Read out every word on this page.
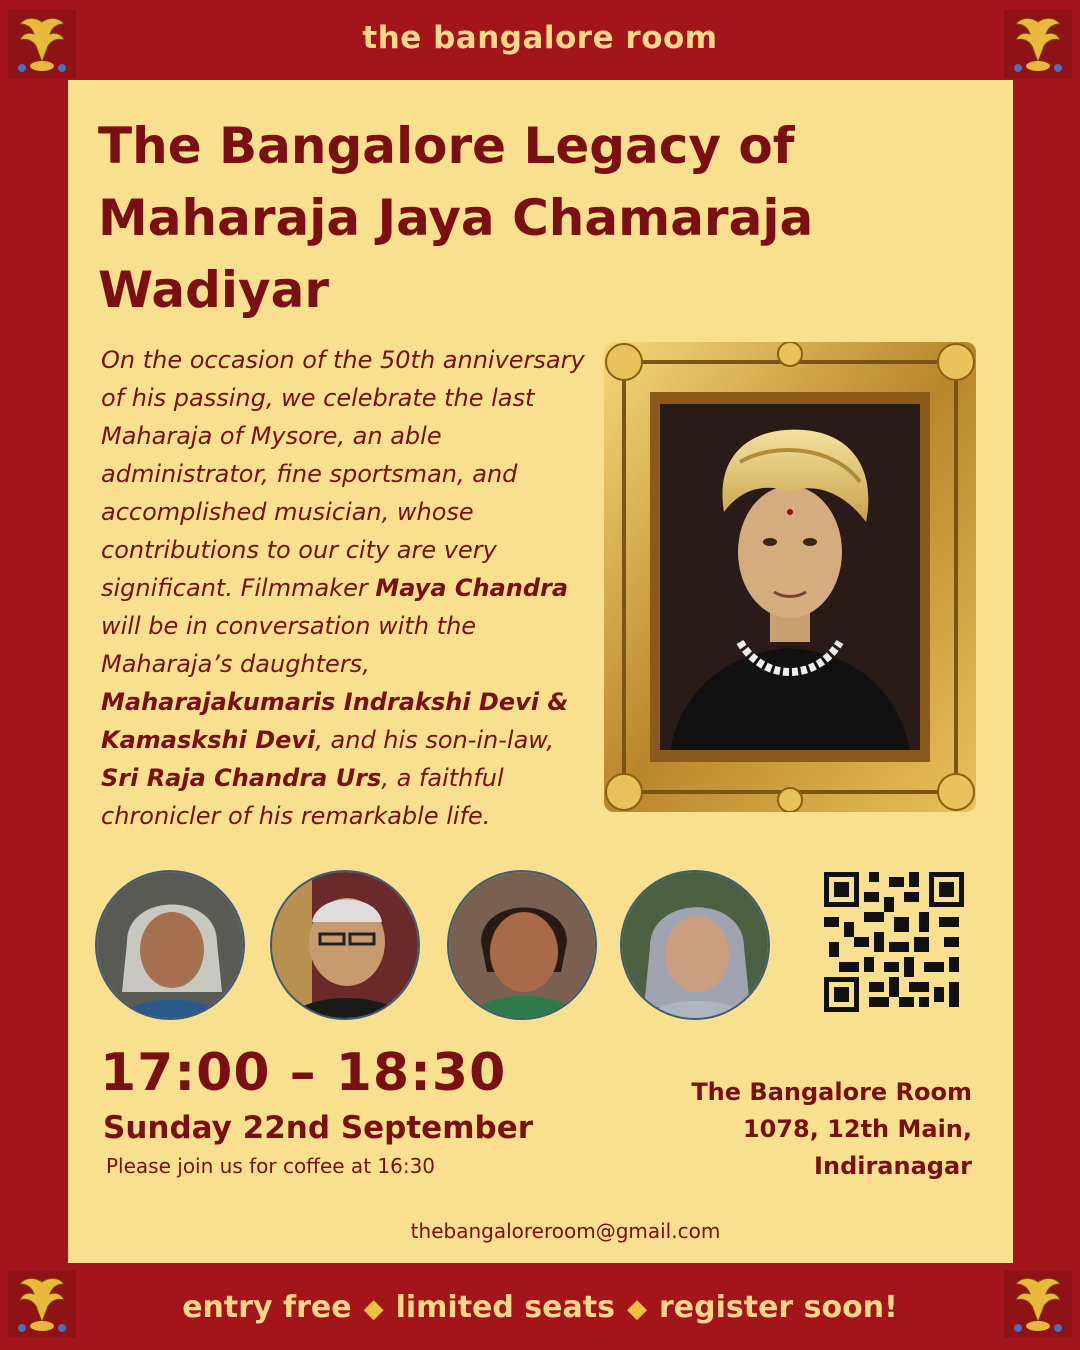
the bangalore room
The Bangalore Legacy of
Maharaja Jaya Chamaraja
Wadiyar

On the occasion of the 50th anniversary of his passing, we celebrate the last Maharaja of Mysore, an able administrator, fine sportsman, and accomplished musician, whose contributions to our city are very significant. Filmmaker Maya Chandra will be in conversation with the Maharaja’s daughters, Maharajakumaris Indrakshi Devi & Kamaskshi Devi, and his son-in-law, Sri Raja Chandra Urs, a faithful chronicler of his remarkable life.

17:00 – 18:30
Sunday 22nd September
Please join us for coffee at 16:30
The Bangalore Room
1078, 12th Main,
Indiranagar
thebangaloreroom@gmail.com
entry free ◆ limited seats ◆ register soon!
